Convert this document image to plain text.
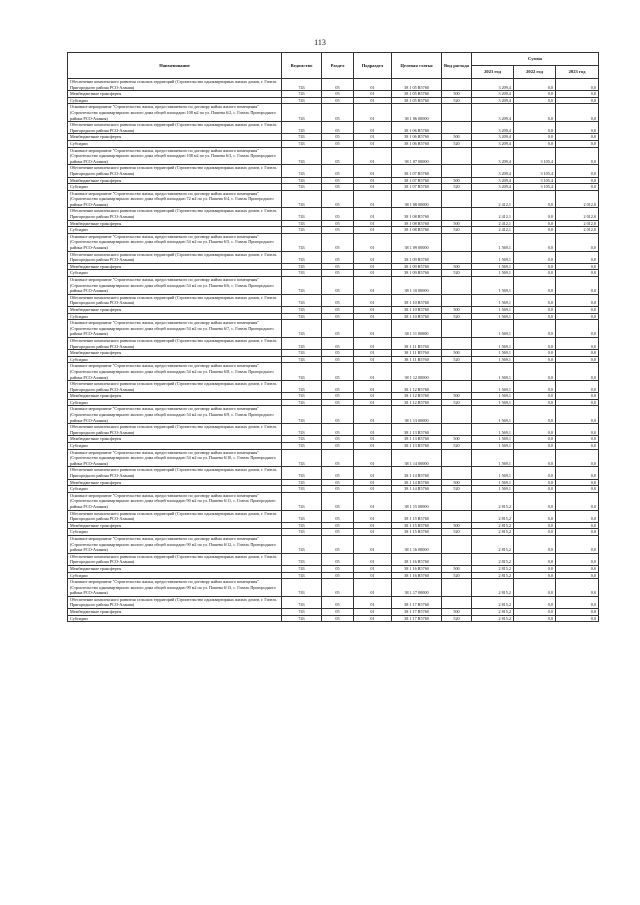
113
Наименование	Ведомство	Раздел	Подраздел	Целевая статья	Вид расхода	Сумма		
						2021 год	2022 год	2023 год
Обеспечение комплексного развития сельских территорий (Строительство одноквартирных жилых домов, г. Гизель Пригородного района РСО-Алания)	743	05	01	38 1 05 R5760		3 209,4	0,0	0,0
Межбюджетные трансферты	743	05	01	38 1 05 R5760	500	3 209,4	0,0	0,0
Субсидии	743	05	01	38 1 05 R5760	520	3 209,4	0,0	0,0
Основное мероприятие "Строительство жилья, предоставляемого по договору найма жилого помещения" (Строительство одноквартирного жилого дома общей площадью 108 м2 по ул. Пашева 6/2, с. Гизель Пригородного района РСО-Алания)	743	05	01	38 1 06 00000		3 209,4	0,0	0,0
Обеспечение комплексного развития сельских территорий (Строительство одноквартирных жилых домов, г. Гизель Пригородного района РСО-Алания)	743	05	01	38 1 06 R5760		3 209,4	0,0	0,0
Межбюджетные трансферты	743	05	01	38 1 06 R5760	500	3 209,4	0,0	0,0
Субсидии	743	05	01	38 1 06 R5760	520	3 209,4	0,0	0,0
Основное мероприятие "Строительство жилья, предоставляемого по договору найма жилого помещения" (Строительство одноквартирного жилого дома общей площадью 108 м2 по ул. Пашева 6/3, с. Гизель Пригородного района РСО-Алания)	743	05	01	38 1 07 00000		3 209,4	3 105,4	0,0
Обеспечение комплексного развития сельских территорий (Строительство одноквартирных жилых домов, г. Гизель Пригородного района РСО-Алания)	743	05	01	38 1 07 R5760		3 209,4	3 105,4	0,0
Межбюджетные трансферты	743	05	01	38 1 07 R5760	500	3 209,4	3 105,4	0,0
Субсидии	743	05	01	38 1 07 R5760	520	3 209,4	3 105,4	0,0
Основное мероприятие "Строительство жилья, предоставляемого по договору найма жилого помещения" (Строительство одноквартирного жилого дома общей площадью 72 м2 по ул. Пашева 6/4, с. Гизель Пригородного района РСО-Алания)	743	05	01	38 1 08 00000		2 412,1	0,0	2 012,0
Обеспечение комплексного развития сельских территорий (Строительство одноквартирных жилых домов, г. Гизель Пригородного района РСО-Алания)	743	05	01	38 1 08 R5760		2 412,1	0,0	2 012,0
Межбюджетные трансферты	743	05	01	38 1 08 R5760	500	2 412,1	0,0	2 012,0
Субсидии	743	05	01	38 1 08 R5760	520	2 412,1	0,0	2 012,0
Основное мероприятие "Строительство жилья, предоставляемого по договору найма жилого помещения" (Строительство одноквартирного жилого дома общей площадью 54 м2 по ул. Пашева 6/5, с. Гизель Пригородного района РСО-Алания)	743	05	01	38 1 09 00000		1 569,1	0,0	0,0
Обеспечение комплексного развития сельских территорий (Строительство одноквартирных жилых домов, г. Гизель Пригородного района РСО-Алания)	743	05	01	38 1 09 R5760		1 569,1	0,0	0,0
Межбюджетные трансферты	743	05	01	38 1 09 R5760	500	1 569,1	0,0	0,0
Субсидии	743	05	01	38 1 09 R5760	520	1 569,1	0,0	0,0
Основное мероприятие "Строительство жилья, предоставляемого по договору найма жилого помещения" (Строительство одноквартирного жилого дома общей площадью 54 м2 по ул. Пашева 6/6, с. Гизель Пригородного района РСО-Алания)	743	05	01	38 1 10 00000		1 569,1	0,0	0,0
Обеспечение комплексного развития сельских территорий (Строительство одноквартирных жилых домов, г. Гизель Пригородного района РСО-Алания)	743	05	01	38 1 10 R5760		1 569,1	0,0	0,0
Межбюджетные трансферты	743	05	01	38 1 10 R5760	500	1 569,1	0,0	0,0
Субсидии	743	05	01	38 1 10 R5760	520	1 569,1	0,0	0,0
Основное мероприятие "Строительство жилья, предоставляемого по договору найма жилого помещения" (Строительство одноквартирного жилого дома общей площадью 54 м2 по ул. Пашева 6/7, с. Гизель Пригородного района РСО-Алания)	743	05	01	38 1 11 00000		1 569,1	0,0	0,0
Обеспечение комплексного развития сельских территорий (Строительство одноквартирных жилых домов, г. Гизель Пригородного района РСО-Алания)	743	05	01	38 1 11 R5760		1 569,1	0,0	0,0
Межбюджетные трансферты	743	05	01	38 1 11 R5760	500	1 569,1	0,0	0,0
Субсидии	743	05	01	38 1 11 R5760	520	1 569,1	0,0	0,0
Основное мероприятие "Строительство жилья, предоставляемого по договору найма жилого помещения" (Строительство одноквартирного жилого дома общей площадью 54 м2 по ул. Пашева 6/8, с. Гизель Пригородного района РСО-Алания)	743	05	01	38 1 12 00000		1 569,1	0,0	0,0
Обеспечение комплексного развития сельских территорий (Строительство одноквартирных жилых домов, г. Гизель Пригородного района РСО-Алания)	743	05	01	38 1 12 R5760		1 569,1	0,0	0,0
Межбюджетные трансферты	743	05	01	38 1 12 R5760	500	1 569,1	0,0	0,0
Субсидии	743	05	01	38 1 12 R5760	520	1 569,1	0,0	0,0
Основное мероприятие "Строительство жилья, предоставляемого по договору найма жилого помещения" (Строительство одноквартирного жилого дома общей площадью 54 м2 по ул. Пашева 6/9, с. Гизель Пригородного района РСО-Алания)	743	05	01	38 1 13 00000		1 569,1	0,0	0,0
Обеспечение комплексного развития сельских территорий (Строительство одноквартирных жилых домов, г. Гизель Пригородного района РСО-Алания)	743	05	01	38 1 13 R5760		1 569,1	0,0	0,0
Межбюджетные трансферты	743	05	01	38 1 13 R5760	500	1 569,1	0,0	0,0
Субсидии	743	05	01	38 1 13 R5760	520	1 569,1	0,0	0,0
Основное мероприятие "Строительство жилья, предоставляемого по договору найма жилого помещения" (Строительство одноквартирного жилого дома общей площадью 54 м2 по ул. Пашева 6/10, с. Гизель Пригородного района РСО-Алания)	743	05	01	38 1 14 00000		1 569,1	0,0	0,0
Обеспечение комплексного развития сельских территорий (Строительство одноквартирных жилых домов, г. Гизель Пригородного района РСО-Алания)	743	05	01	38 1 14 R5760		1 569,1	0,0	0,0
Межбюджетные трансферты	743	05	01	38 1 14 R5760	500	1 569,1	0,0	0,0
Субсидии	743	05	01	38 1 14 R5760	520	1 569,1	0,0	0,0
Основное мероприятие "Строительство жилья, предоставляемого по договору найма жилого помещения" (Строительство одноквартирного жилого дома общей площадью 90 м2 по ул. Пашева 6/11, с. Гизель Пригородного района РСО-Алания)	743	05	01	38 1 15 00000		2 815,2	0,0	0,0
Обеспечение комплексного развития сельских территорий (Строительство одноквартирных жилых домов, г. Гизель Пригородного района РСО-Алания)	743	05	01	38 1 15 R5760		2 815,2	0,0	0,0
Межбюджетные трансферты	743	05	01	38 1 15 R5760	500	2 815,2	0,0	0,0
Субсидии	743	05	01	38 1 15 R5760	520	2 815,2	0,0	0,0
Основное мероприятие "Строительство жилья, предоставляемого по договору найма жилого помещения" (Строительство одноквартирного жилого дома общей площадью 90 м2 по ул. Пашева 6/12, с. Гизель Пригородного района РСО-Алания)	743	05	01	38 1 16 00000		2 815,2	0,0	0,0
Обеспечение комплексного развития сельских территорий (Строительство одноквартирных жилых домов, г. Гизель Пригородного района РСО-Алания)	743	05	01	38 1 16 R5760		2 815,2	0,0	0,0
Межбюджетные трансферты	743	05	01	38 1 16 R5760	500	2 815,2	0,0	0,0
Субсидии	743	05	01	38 1 16 R5760	520	2 815,2	0,0	0,0
Основное мероприятие "Строительство жилья, предоставляемого по договору найма жилого помещения" (Строительство одноквартирного жилого дома общей площадью 90 м2 по ул. Пашева 6/13, с. Гизель Пригородного района РСО-Алания)	743	05	01	38 1 17 00000		2 815,2	0,0	0,0
Обеспечение комплексного развития сельских территорий (Строительство одноквартирных жилых домов, г. Гизель Пригородного района РСО-Алания)	743	05	01	38 1 17 R5760		2 815,2	0,0	0,0
Межбюджетные трансферты	743	05	01	38 1 17 R5760	500	2 815,2	0,0	0,0
Субсидии	743	05	01	38 1 17 R5760	520	2 815,2	0,0	0,0
